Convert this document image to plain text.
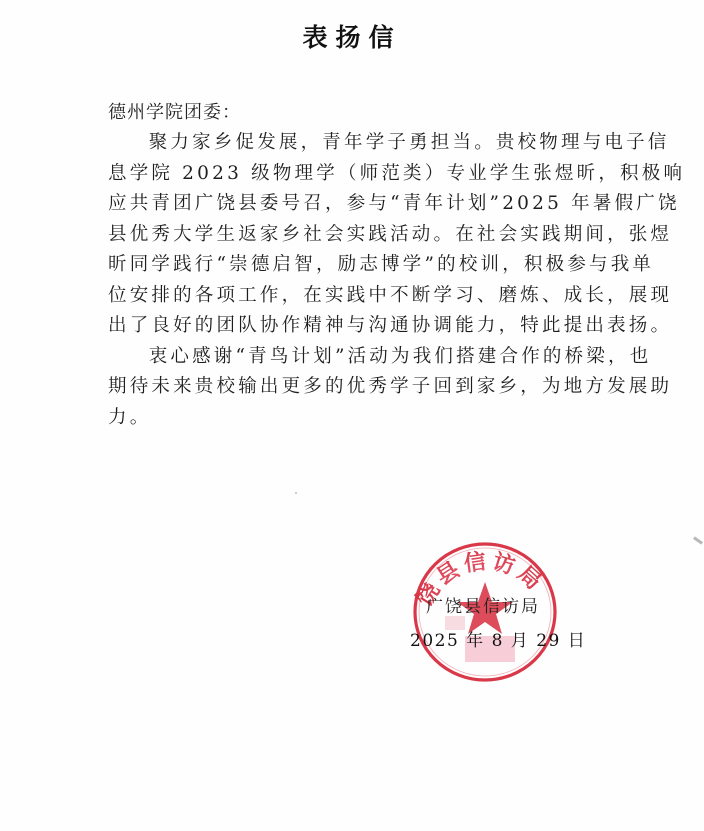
表扬信
德州学院团委：

聚力家乡促发展，青年学子勇担当。贵校物理与电子信
息学院 2023 级物理学（师范类）专业学生张煜昕，积极响
应共青团广饶县委号召，参与“青年计划”2025 年暑假广饶
县优秀大学生返家乡社会实践活动。在社会实践期间，张煜
昕同学践行“崇德启智，励志博学”的校训，积极参与我单
位安排的各项工作，在实践中不断学习、磨炼、成长，展现
出了良好的团队协作精神与沟通协调能力，特此提出表扬。

衷心感谢“青鸟计划”活动为我们搭建合作的桥梁，也
期待未来贵校输出更多的优秀学子回到家乡，为地方发展助
力。

饶县信访局
广饶县信访局
2025 年 8 月 29 日
